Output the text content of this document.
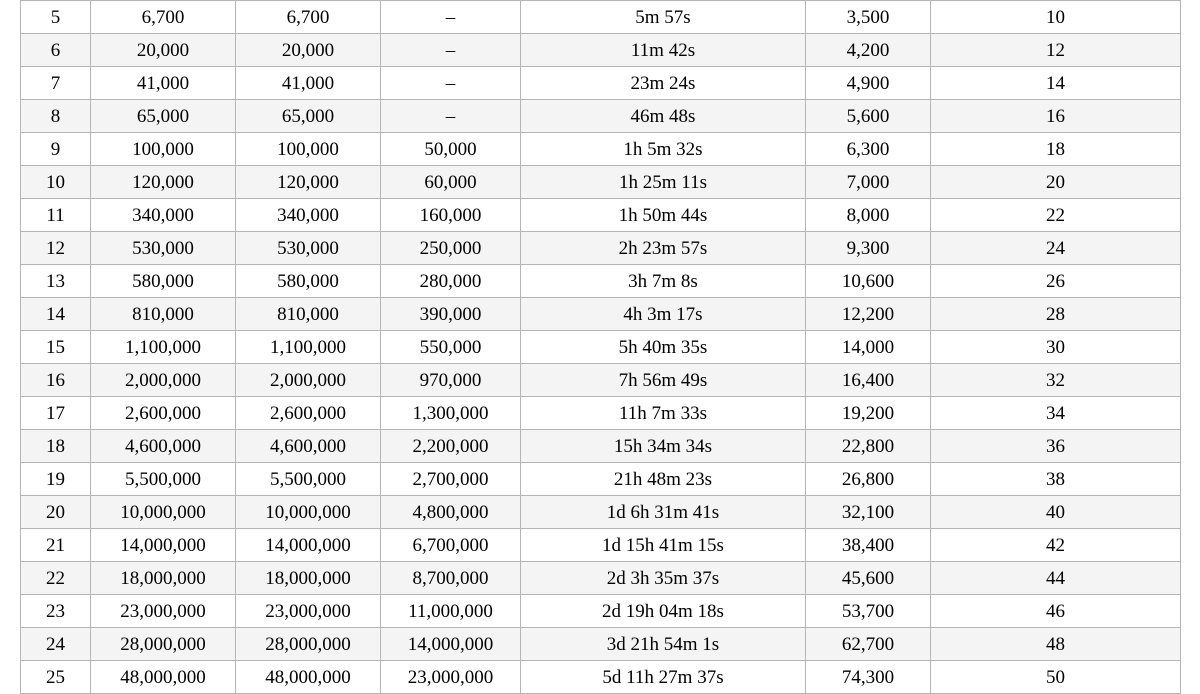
5	6,700	6,700	–	5m 57s	3,500	10
6	20,000	20,000	–	11m 42s	4,200	12
7	41,000	41,000	–	23m 24s	4,900	14
8	65,000	65,000	–	46m 48s	5,600	16
9	100,000	100,000	50,000	1h 5m 32s	6,300	18
10	120,000	120,000	60,000	1h 25m 11s	7,000	20
11	340,000	340,000	160,000	1h 50m 44s	8,000	22
12	530,000	530,000	250,000	2h 23m 57s	9,300	24
13	580,000	580,000	280,000	3h 7m 8s	10,600	26
14	810,000	810,000	390,000	4h 3m 17s	12,200	28
15	1,100,000	1,100,000	550,000	5h 40m 35s	14,000	30
16	2,000,000	2,000,000	970,000	7h 56m 49s	16,400	32
17	2,600,000	2,600,000	1,300,000	11h 7m 33s	19,200	34
18	4,600,000	4,600,000	2,200,000	15h 34m 34s	22,800	36
19	5,500,000	5,500,000	2,700,000	21h 48m 23s	26,800	38
20	10,000,000	10,000,000	4,800,000	1d 6h 31m 41s	32,100	40
21	14,000,000	14,000,000	6,700,000	1d 15h 41m 15s	38,400	42
22	18,000,000	18,000,000	8,700,000	2d 3h 35m 37s	45,600	44
23	23,000,000	23,000,000	11,000,000	2d 19h 04m 18s	53,700	46
24	28,000,000	28,000,000	14,000,000	3d 21h 54m 1s	62,700	48
25	48,000,000	48,000,000	23,000,000	5d 11h 27m 37s	74,300	50
